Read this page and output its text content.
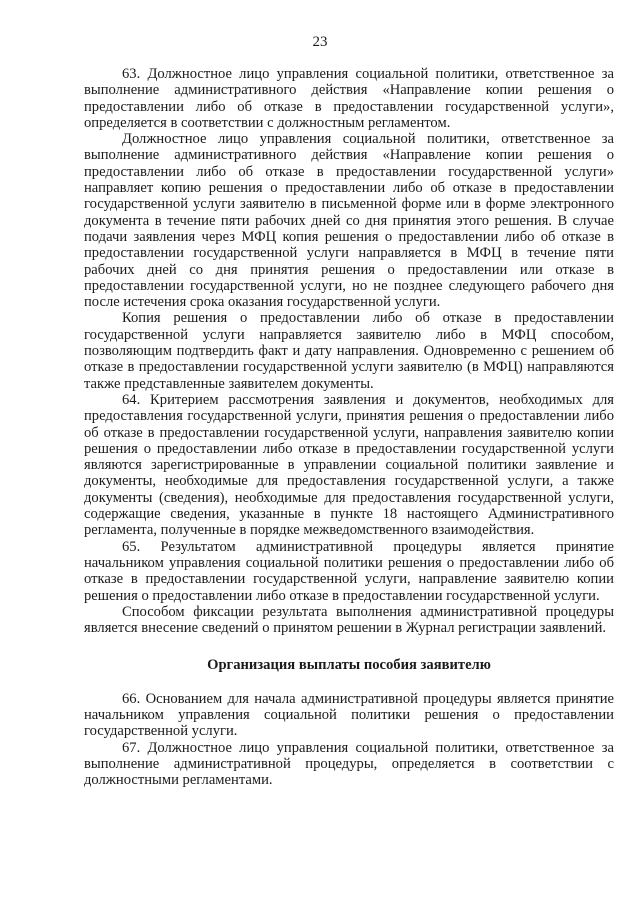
23

63. Должностное лицо управления социальной политики, ответственное за выполнение административного действия «Направление копии решения о предоставлении либо об отказе в предоставлении государственной услуги», определяется в соответствии с должностным регламентом.

Должностное лицо управления социальной политики, ответственное за выполнение административного действия «Направление копии решения о предоставлении либо об отказе в предоставлении государственной услуги» направляет копию решения о предоставлении либо об отказе в предоставлении государственной услуги заявителю в письменной форме или в форме электронного документа в течение пяти рабочих дней со дня принятия этого решения. В случае подачи заявления через МФЦ копия решения о предоставлении либо об отказе в предоставлении государственной услуги направляется в МФЦ в течение пяти рабочих дней со дня принятия решения о предоставлении или отказе в предоставлении государственной услуги, но не позднее следующего рабочего дня после истечения срока оказания государственной услуги.

Копия решения о предоставлении либо об отказе в предоставлении государственной услуги направляется заявителю либо в МФЦ способом, позволяющим подтвердить факт и дату направления. Одновременно с решением об отказе в предоставлении государственной услуги заявителю (в МФЦ) направляются также представленные заявителем документы.

64. Критерием рассмотрения заявления и документов, необходимых для предоставления государственной услуги, принятия решения о предоставлении либо об отказе в предоставлении государственной услуги, направления заявителю копии решения о предоставлении либо отказе в предоставлении государственной услуги являются зарегистрированные в управлении социальной политики заявление и документы, необходимые для предоставления государственной услуги, а также документы (сведения), необходимые для предоставления государственной услуги, содержащие сведения, указанные в пункте 18 настоящего Административного регламента, полученные в порядке межведомственного взаимодействия.

65. Результатом административной процедуры является принятие начальником управления социальной политики решения о предоставлении либо об отказе в предоставлении государственной услуги, направление заявителю копии решения о предоставлении либо отказе в предоставлении государственной услуги.

Способом фиксации результата выполнения административной процедуры является внесение сведений о принятом решении в Журнал регистрации заявлений.

Организация выплаты пособия заявителю

66. Основанием для начала административной процедуры является принятие начальником управления социальной политики решения о предоставлении государственной услуги.

67. Должностное лицо управления социальной политики, ответственное за выполнение административной процедуры, определяется в соответствии с должностными регламентами.
